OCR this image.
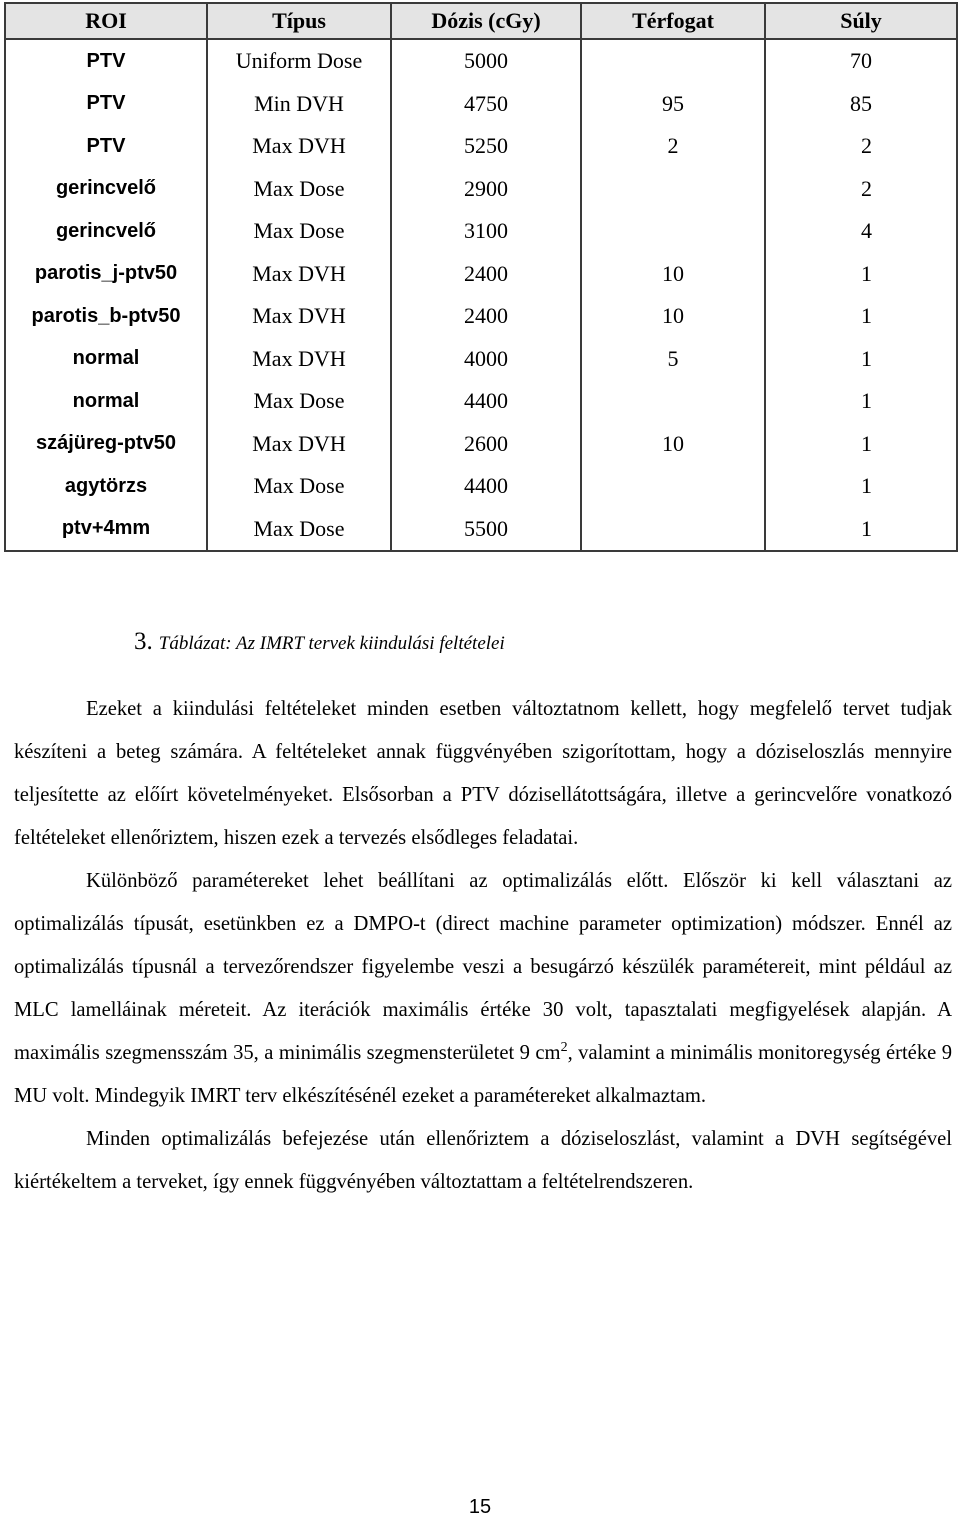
ROI	Típus	Dózis (cGy)	Térfogat	Súly
PTV	Uniform Dose	5000		70
PTV	Min DVH	4750	95	85
PTV	Max DVH	5250	2	2
gerincvelő	Max Dose	2900		2
gerincvelő	Max Dose	3100		4
parotis_j-ptv50	Max DVH	2400	10	1
parotis_b-ptv50	Max DVH	2400	10	1
normal	Max DVH	4000	5	1
normal	Max Dose	4400		1
szájüreg-ptv50	Max DVH	2600	10	1
agytörzs	Max Dose	4400		1
ptv+4mm	Max Dose	5500		1
3. Táblázat: Az IMRT tervek kiindulási feltételei

Ezeket a kiindulási feltételeket minden esetben változtatnom kellett, hogy megfelelő tervet tudjak készíteni a beteg számára. A feltételeket annak függvényében szigorítottam, hogy a dóziseloszlás mennyire teljesítette az előírt követelményeket. Elsősorban a PTV dózisellátottságára, illetve a gerincvelőre vonatkozó feltételeket ellenőriztem, hiszen ezek a tervezés elsődleges feladatai.

Különböző paramétereket lehet beállítani az optimalizálás előtt. Először ki kell választani az optimalizálás típusát, esetünkben ez a DMPO-t (direct machine parameter optimization) módszer. Ennél az optimalizálás típusnál a tervezőrendszer figyelembe veszi a besugárzó készülék paramétereit, mint például az MLC lamelláinak méreteit. Az iterációk maximális értéke 30 volt, tapasztalati megfigyelések alapján. A maximális szegmensszám 35, a minimális szegmensterületet 9 $cm^2$, valamint a minimális monitoregység értéke 9 MU volt. Mindegyik IMRT terv elkészítésénél ezeket a paramétereket alkalmaztam.

Minden optimalizálás befejezése után ellenőriztem a dóziseloszlást, valamint a DVH segítségével kiértékeltem a terveket, így ennek függvényében változtattam a feltételrendszeren.

15
